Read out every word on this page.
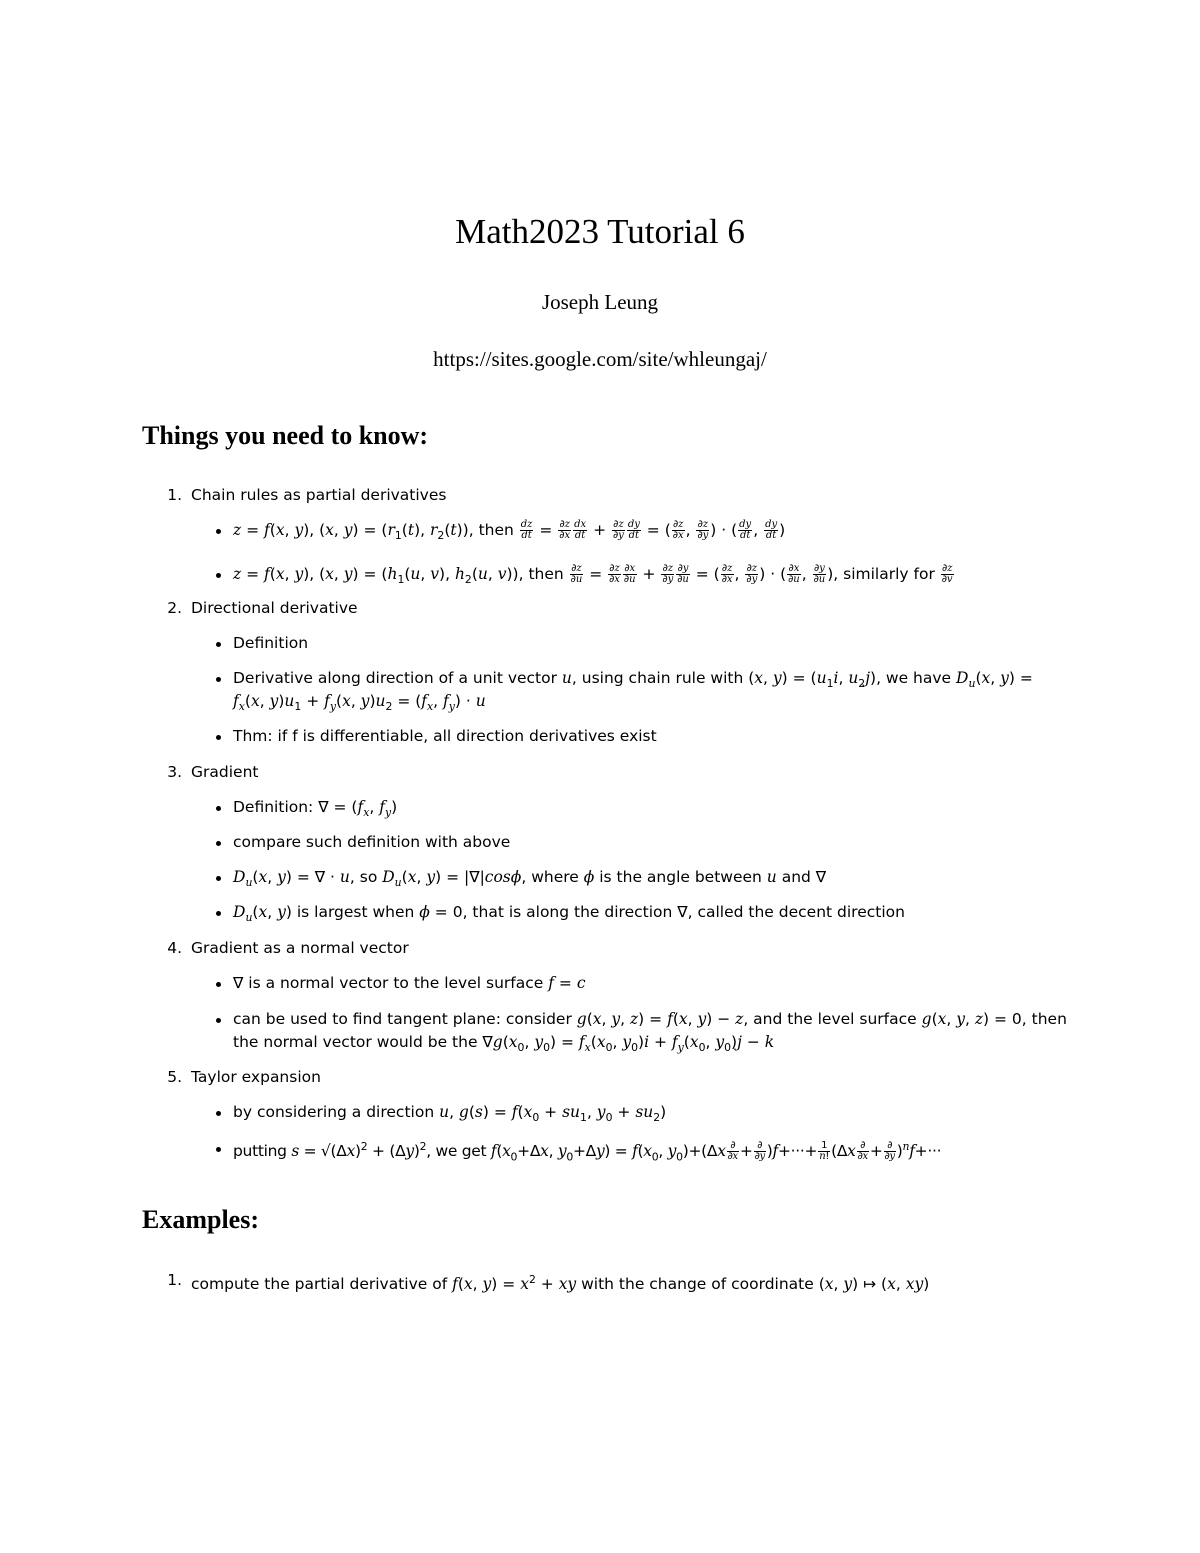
Math2023 Tutorial 6
Joseph Leung
https://sites.google.com/site/whleungaj/
Things you need to know:
1. Chain rules as partial derivatives
z = f(x, y), (x, $y) = (r_1(t)$, $r_2(t)$), then $\frac{dz}{dt} = \frac{\partial z}{\partial x} \frac{dx}{dt} + \frac{\partial z}{\partial y} \frac{dy}{dt}$ = ( $\frac{\partial z}{\partial x}$ , $\frac{\partial z}{\partial y}$ ) · ( $\frac{dy}{dt}$ , $\frac{dy}{dt}$ )
z = f(x, y), (x, $y) = (h_1(u$, v), $h_2(u$, v)), then $\frac{\partial z}{\partial u} = \frac{\partial z}{\partial x} \frac{\partial x}{\partial u} + \frac{\partial z}{\partial y} \frac{\partial y}{\partial u}$ = ( $\frac{\partial z}{\partial x}$ , $\frac{\partial z}{\partial y}$ ) · ( $\frac{\partial x}{\partial u}$ , $\frac{\partial y}{\partial u}$ ), similarly for $\frac{\partial z}{\partial v}$
2. Directional derivative
Definition
Derivative along direction of a unit vector u, using chain rule with (x, $y) = (u_1i$, $u_2j$), we have $D_u(x$, y) =
$f_x(x$, $y)u_1 + f_y(x$, $y)u_2 = (f_x$, $f_y) \cdot u$
Thm: if f is differentiable, all direction derivatives exist
3. Gradient
Definition: ∇ = ($f_x$, $f_y$)
compare such definition with above
$D_u(x$, y) = ∇ · u, so $D_u(x$, y) = |∇|cosϕ, where ϕ is the angle between u and ∇
$D_u(x$, y) is largest when ϕ = 0, that is along the direction ∇, called the decent direction
4. Gradient as a normal vector
∇ is a normal vector to the level surface f = c
can be used to find tangent plane: consider g(x, y, z) = f(x, y) − z, and the level surface g(x, y, z) = 0, then
the normal vector would be the $\nabla g(x_0$, $y_0) = f_x(x_0$, $y_0)i + f_y(x_0$, $y_0)j - k$
5. Taylor expansion
by considering a direction u, $g(s) = f(x_0 + su_1$, $y_0 + su_2$)
putting $s = √(\Delta x)^2 + (\Delta y)^2$, we get $f(x_0+\Delta x$, $y_0+\Delta y) = f(x_0$, $y_0)+(\Delta x \frac{\partial}{\partial x} + \frac{\partial}{\partial y} )f+\cdot\cdot\cdot+ \frac{1}{n!} (\Delta x \frac{\partial}{\partial x} + \frac{\partial}{\partial y} )^nf+\cdot\cdot\cdot$
Examples:
1. compute the partial derivative of f(x, $y) = x^2$ + xy with the change of coordinate (x, y) ↦ (x, xy)
